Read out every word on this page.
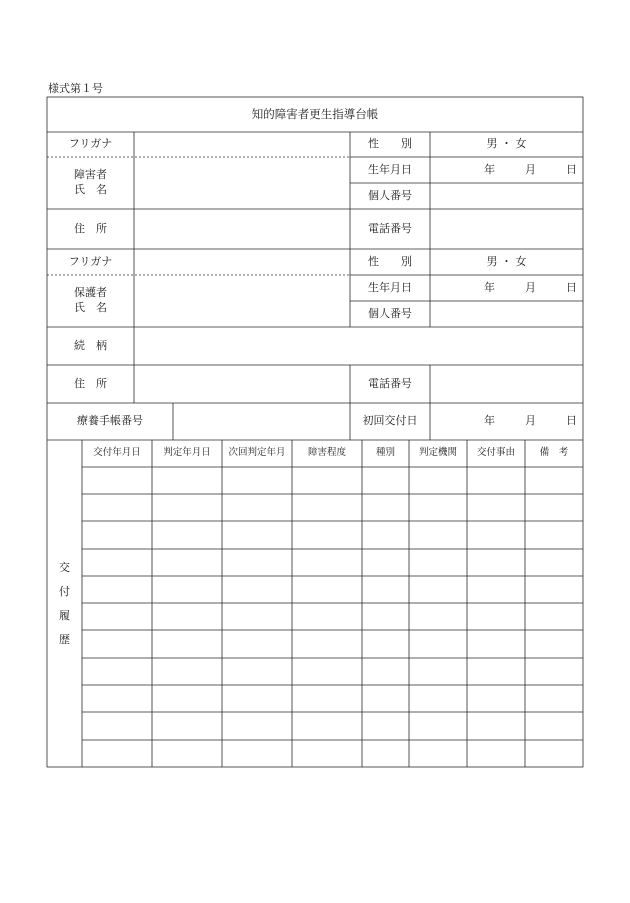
様式第１号
知的障害者更生指導台帳
フリガナ	性　　別	男 ・ 女
障害者
氏　名
生年月日	年	月	日
個人番号
住　所	電話番号
フリガナ	性　　別	男 ・ 女
保護者
氏　名
生年月日	年	月	日
個人番号
続　柄
住　所	電話番号
療養手帳番号	初回交付日	年	月	日
交
付
履
歴
交付年月日	判定年月日	次回判定年月	障害程度	種別	判定機関	交付事由	備　考
